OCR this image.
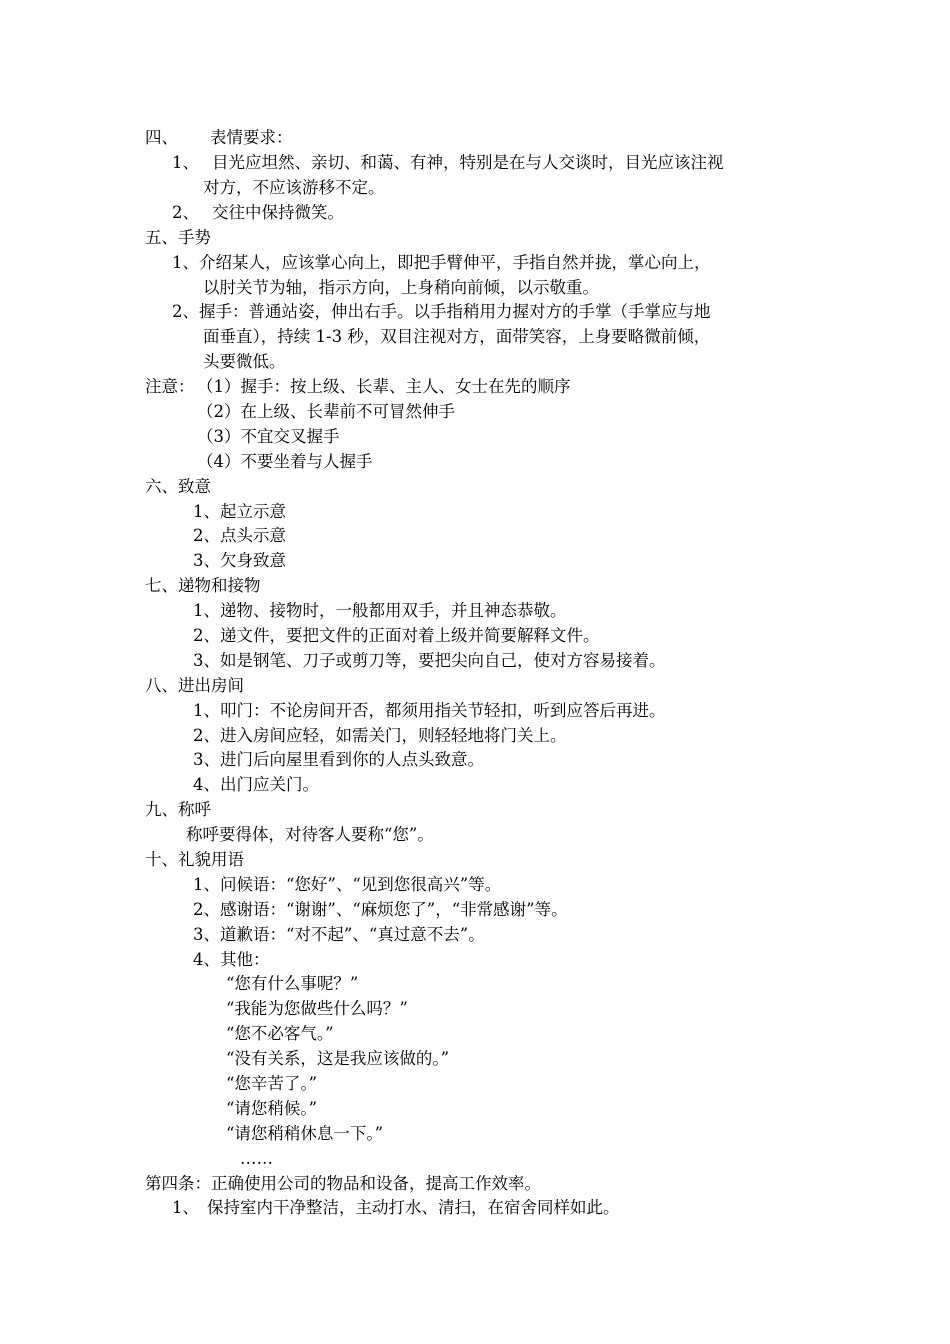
四、 表情要求：
1、 目光应坦然、亲切、和蔼、有神，特别是在与人交谈时，目光应该注视
对方，不应该游移不定。
2、 交往中保持微笑。
五、手势
1、介绍某人，应该掌心向上，即把手臂伸平，手指自然并拢，掌心向上，
以肘关节为轴，指示方向，上身稍向前倾，以示敬重。
2、握手：普通站姿，伸出右手。以手指稍用力握对方的手掌（手掌应与地
面垂直），持续 1-3 秒，双目注视对方，面带笑容，上身要略微前倾，
头要微低。
注意： （1）握手：按上级、长辈、主人、女士在先的顺序
（2）在上级、长辈前不可冒然伸手
（3）不宜交叉握手
（4）不要坐着与人握手
六、致意
1、起立示意
2、点头示意
3、欠身致意
七、递物和接物
1、递物、接物时，一般都用双手，并且神态恭敬。
2、递文件，要把文件的正面对着上级并简要解释文件。
3、如是钢笔、刀子或剪刀等，要把尖向自己，使对方容易接着。
八、进出房间
1、叩门：不论房间开否，都须用指关节轻扣，听到应答后再进。
2、进入房间应轻，如需关门，则轻轻地将门关上。
3、进门后向屋里看到你的人点头致意。
4、出门应关门。
九、称呼
称呼要得体，对待客人要称“您”。
十、礼貌用语
1、问候语：“您好”、“见到您很高兴”等。
2、感谢语：“谢谢”、“麻烦您了”，“非常感谢”等。
3、道歉语：“对不起”、“真过意不去”。
4、其他：
“您有什么事呢？”
“我能为您做些什么吗？”
“您不必客气。”
“没有关系，这是我应该做的。”
“您辛苦了。”
“请您稍候。”
“请您稍稍休息一下。”
……
第四条：正确使用公司的物品和设备，提高工作效率。
1、 保持室内干净整洁，主动打水、清扫，在宿舍同样如此。
